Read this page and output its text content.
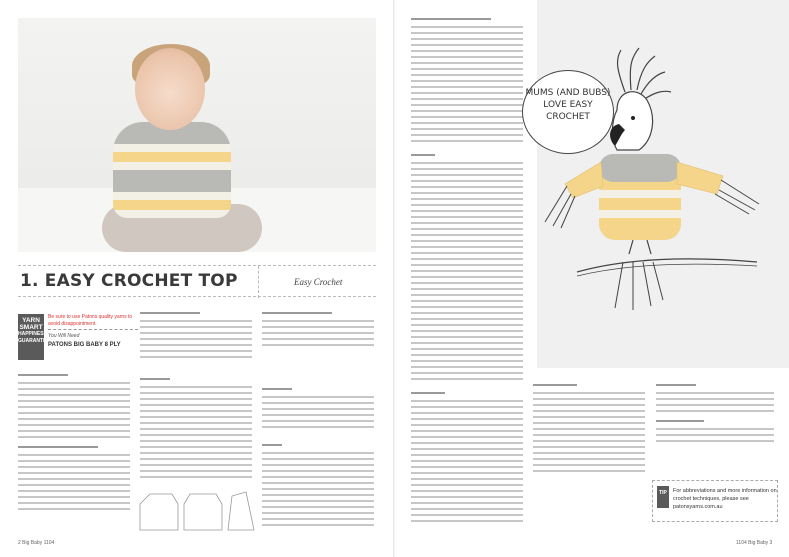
1. EASY CROCHET TOP	Easy Crochet
YARN
SMART
HAPPINESS GUARANTEE
Be sure to use Patons quality yarns to avoid disappointment.
You Will Need
PATONS BIG BABY 8 PLY
2 Big Baby 1104
MUMS (AND BUBS) LOVE EASY CROCHET
TIP	For abbreviations and more information on crochet techniques, please see patonsyarns.com.au
1104 Big Baby 3
